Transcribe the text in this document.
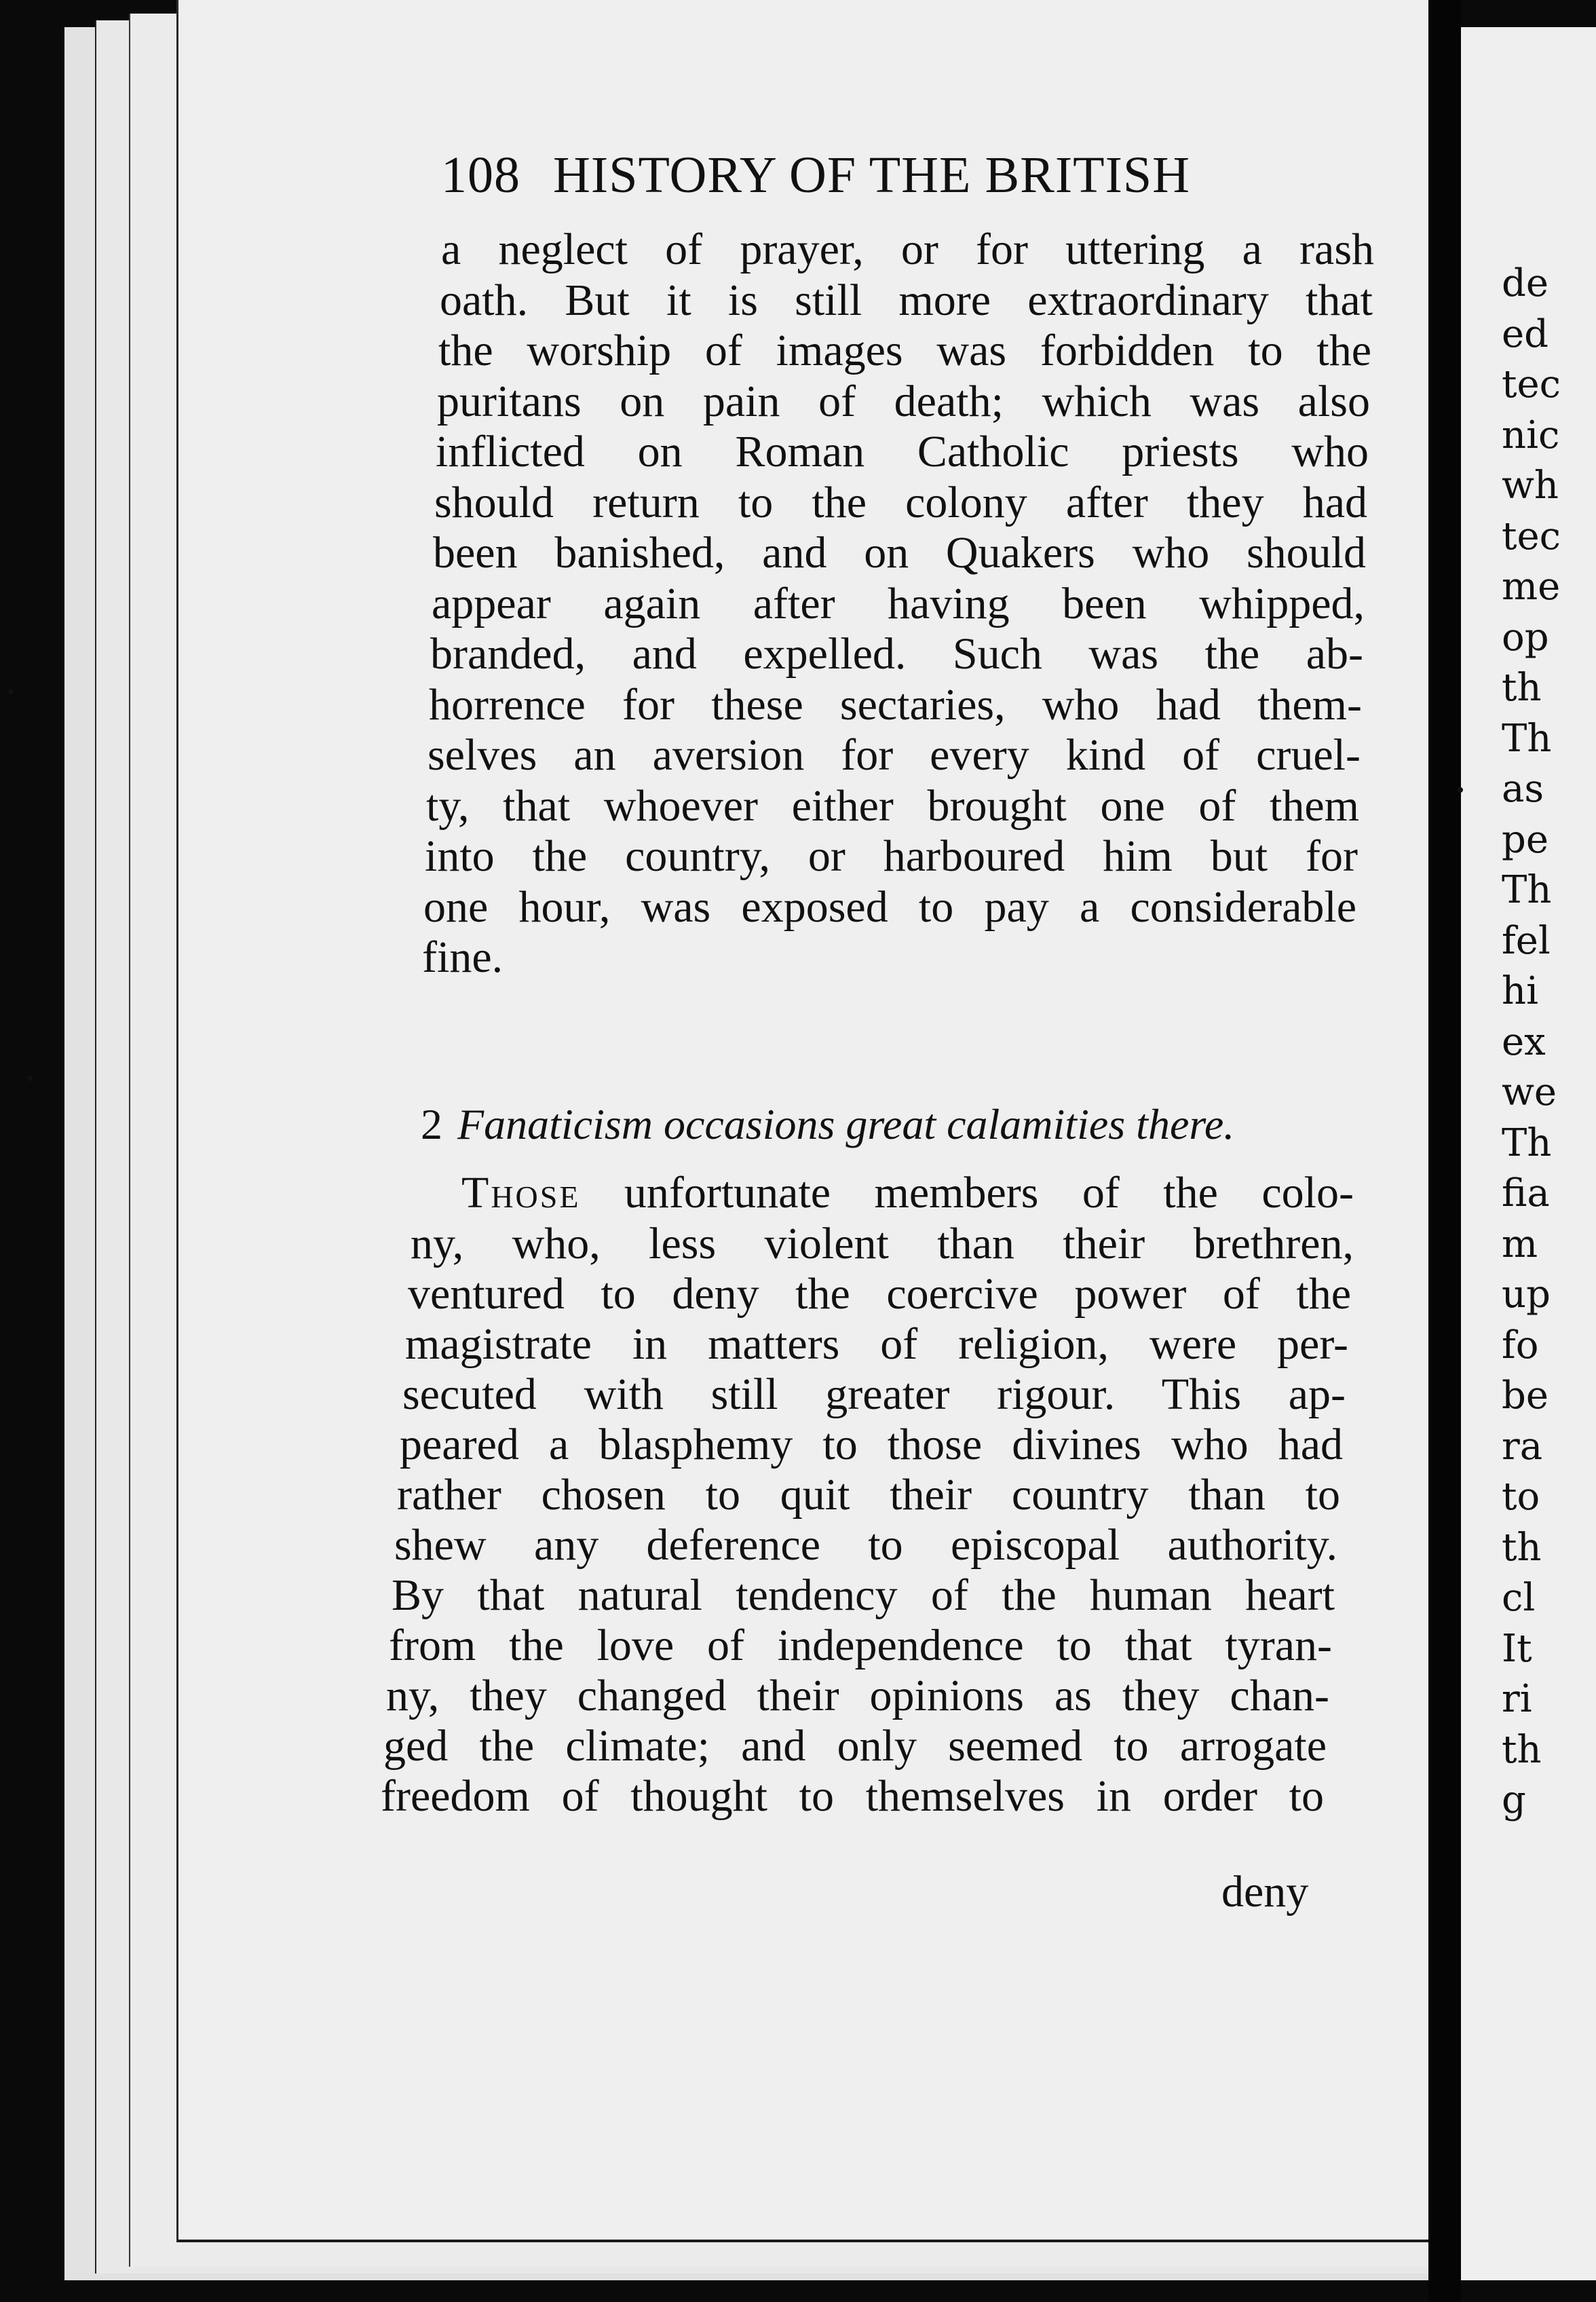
108 HISTORY OF THE BRITISH
a neglect of prayer, or for uttering a rash
oath. But it is still more extraordinary that
the worship of images was forbidden to the
puritans on pain of death; which was also
inflicted on Roman Catholic priests who
should return to the colony after they had
been banished, and on Quakers who should
appear again after having been whipped,
branded, and expelled. Such was the ab-
horrence for these sectaries, who had them-
selves an aversion for every kind of cruel-
ty, that whoever either brought one of them
into the country, or harboured him but for
one hour, was exposed to pay a considerable
fine.
2 Fanaticism occasions great calamities there.
Those unfortunate members of the colo-
ny, who, less violent than their brethren,
ventured to deny the coercive power of the
magistrate in matters of religion, were per-
secuted with still greater rigour. This ap-
peared a blasphemy to those divines who had
rather chosen to quit their country than to
shew any deference to episcopal authority.
By that natural tendency of the human heart
from the love of independence to that tyran-
ny, they changed their opinions as they chan-
ged the climate; and only seemed to arrogate
freedom of thought to themselves in order to
deny
de
ed
tec
nic
wh
tec
me
op
th
Th
as
pe
Th
fel
hi
ex
we
Th
fia
m
up
fo
be
ra
to
th
cl
It
ri
th
g
